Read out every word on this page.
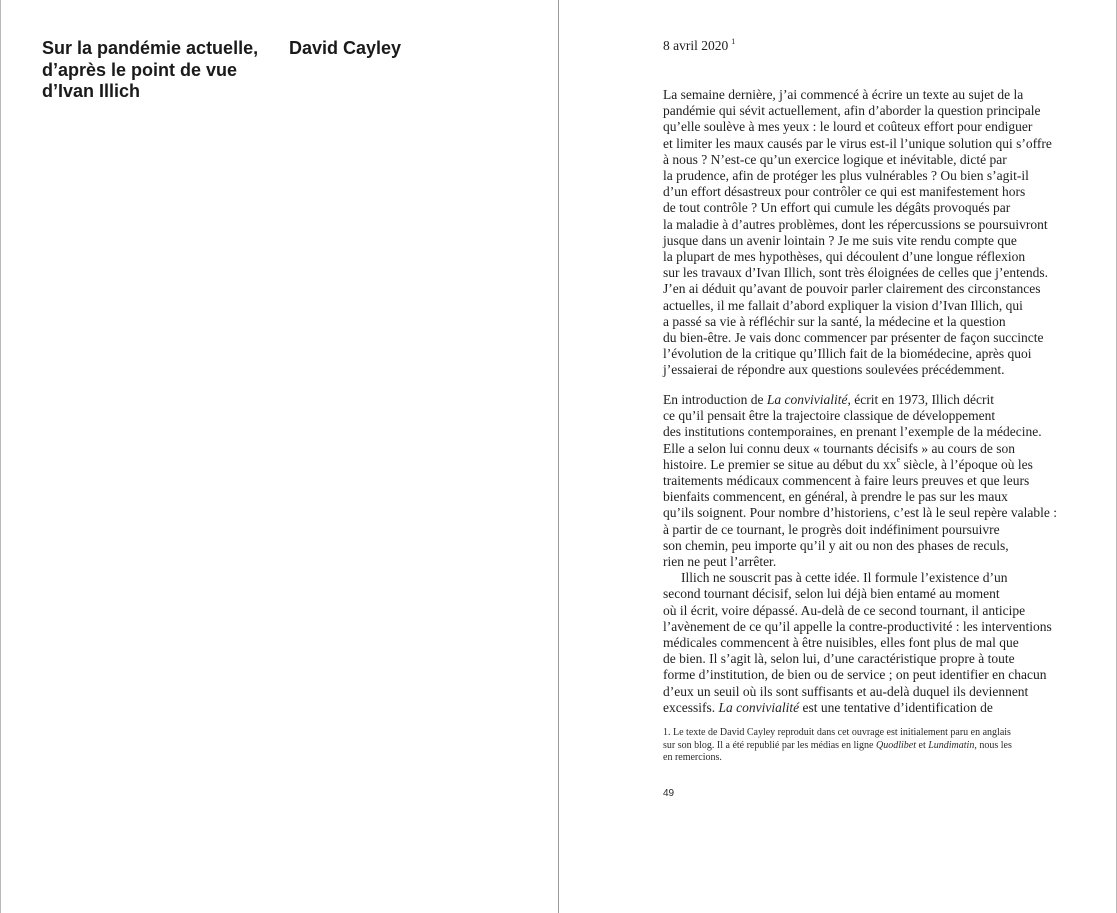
Sur la pandémie actuelle, d’après le point de vue d’Ivan Illich
David Cayley	8 avril 2020 $^1$

La semaine dernière, j’ai commencé à écrire un texte au sujet de la
pandémie qui sévit actuellement, afin d’aborder la question principale
qu’elle soulève à mes yeux : le lourd et coûteux effort pour endiguer
et limiter les maux causés par le virus est-il l’unique solution qui s’offre
à nous ? N’est-ce qu’un exercice logique et inévitable, dicté par
la prudence, afin de protéger les plus vulnérables ? Ou bien s’agit-il
d’un effort désastreux pour contrôler ce qui est manifestement hors
de tout contrôle ? Un effort qui cumule les dégâts provoqués par
la maladie à d’autres problèmes, dont les répercussions se poursuivront
jusque dans un avenir lointain ? Je me suis vite rendu compte que
la plupart de mes hypothèses, qui découlent d’une longue réflexion
sur les travaux d’Ivan Illich, sont très éloignées de celles que j’entends.
J’en ai déduit qu’avant de pouvoir parler clairement des circonstances
actuelles, il me fallait d’abord expliquer la vision d’Ivan Illich, qui
a passé sa vie à réfléchir sur la santé, la médecine et la question
du bien-être. Je vais donc commencer par présenter de façon succincte
l’évolution de la critique qu’Illich fait de la biomédecine, après quoi
j’essaierai de répondre aux questions soulevées précédemment.
En introduction de La convivialité, écrit en 1973, Illich décrit
ce qu’il pensait être la trajectoire classique de développement
des institutions contemporaines, en prenant l’exemple de la médecine.
Elle a selon lui connu deux « tournants décisifs » au cours de son
histoire. Le premier se situe au début du $xx^e$ siècle, à l’époque où les
traitements médicaux commencent à faire leurs preuves et que leurs
bienfaits commencent, en général, à prendre le pas sur les maux
qu’ils soignent. Pour nombre d’historiens, c’est là le seul repère valable :
à partir de ce tournant, le progrès doit indéfiniment poursuivre
son chemin, peu importe qu’il y ait ou non des phases de reculs,
rien ne peut l’arrêter.
Illich ne souscrit pas à cette idée. Il formule l’existence d’un
second tournant décisif, selon lui déjà bien entamé au moment
où il écrit, voire dépassé. Au-delà de ce second tournant, il anticipe
l’avènement de ce qu’il appelle la contre-productivité : les interventions
médicales commencent à être nuisibles, elles font plus de mal que
de bien. Il s’agit là, selon lui, d’une caractéristique propre à toute
forme d’institution, de bien ou de service ; on peut identifier en chacun
d’eux un seuil où ils sont suffisants et au-delà duquel ils deviennent
excessifs. La convivialité est une tentative d’identification de
1. Le texte de David Cayley reproduit dans cet ouvrage est initialement paru en anglais
sur son blog. Il a été republié par les médias en ligne Quodlibet et Lundimatin, nous les
en remercions.

49
